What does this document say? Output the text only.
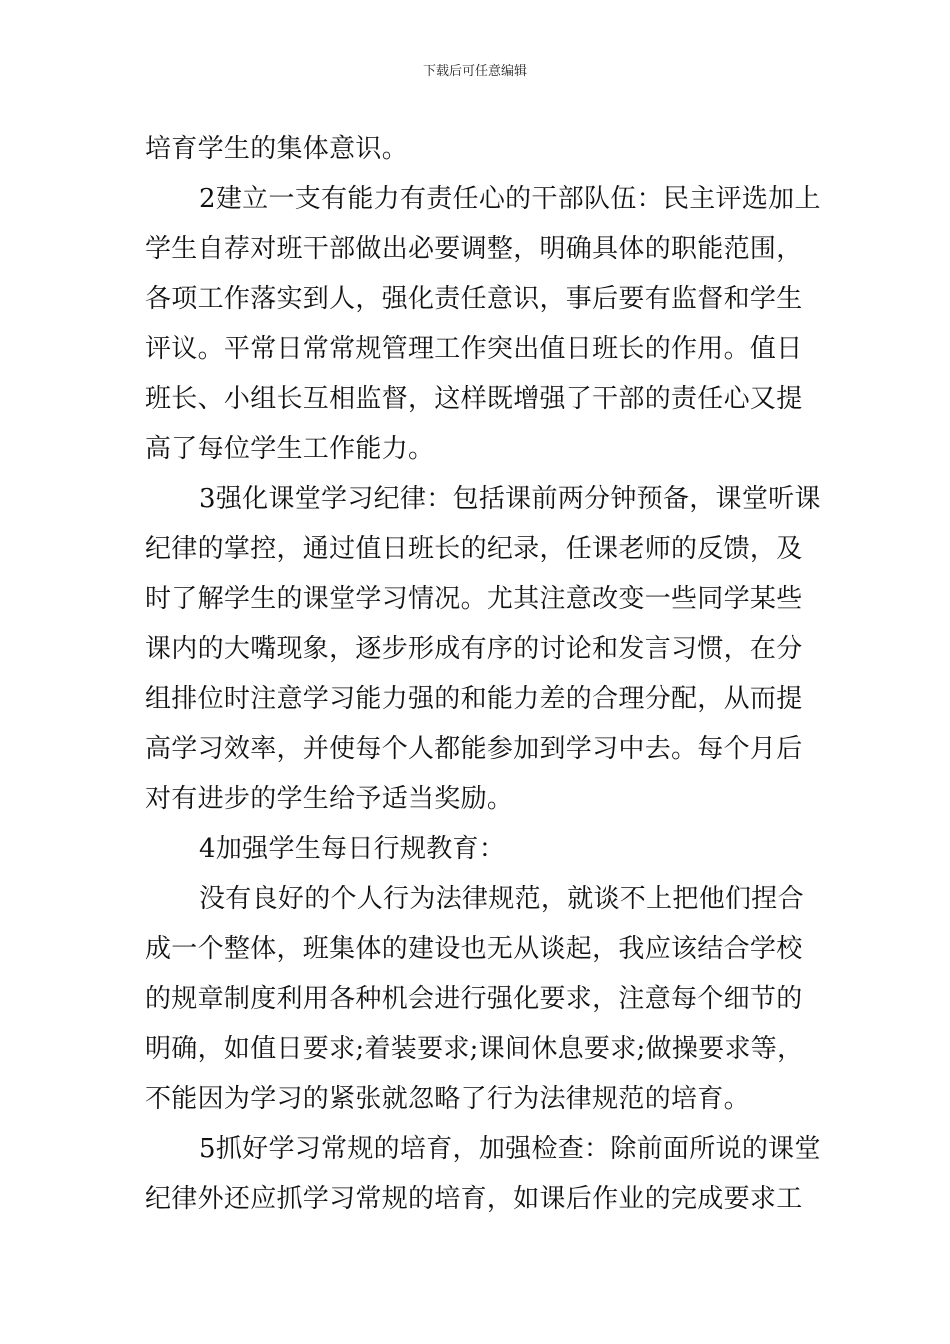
下载后可任意编辑
培育学生的集体意识。
2建立一支有能力有责任心的干部队伍：民主评选加上
学生自荐对班干部做出必要调整，明确具体的职能范围，
各项工作落实到人，强化责任意识，事后要有监督和学生
评议。平常日常常规管理工作突出值日班长的作用。值日
班长、小组长互相监督，这样既增强了干部的责任心又提
高了每位学生工作能力。
3强化课堂学习纪律：包括课前两分钟预备，课堂听课
纪律的掌控，通过值日班长的纪录，任课老师的反馈，及
时了解学生的课堂学习情况。尤其注意改变一些同学某些
课内的大嘴现象，逐步形成有序的讨论和发言习惯，在分
组排位时注意学习能力强的和能力差的合理分配，从而提
高学习效率，并使每个人都能参加到学习中去。每个月后
对有进步的学生给予适当奖励。
4加强学生每日行规教育：
没有良好的个人行为法律规范，就谈不上把他们捏合
成一个整体，班集体的建设也无从谈起，我应该结合学校
的规章制度利用各种机会进行强化要求，注意每个细节的
明确，如值日要求;着装要求;课间休息要求;做操要求等，
不能因为学习的紧张就忽略了行为法律规范的培育。
5抓好学习常规的培育，加强检查：除前面所说的课堂
纪律外还应抓学习常规的培育，如课后作业的完成要求工
